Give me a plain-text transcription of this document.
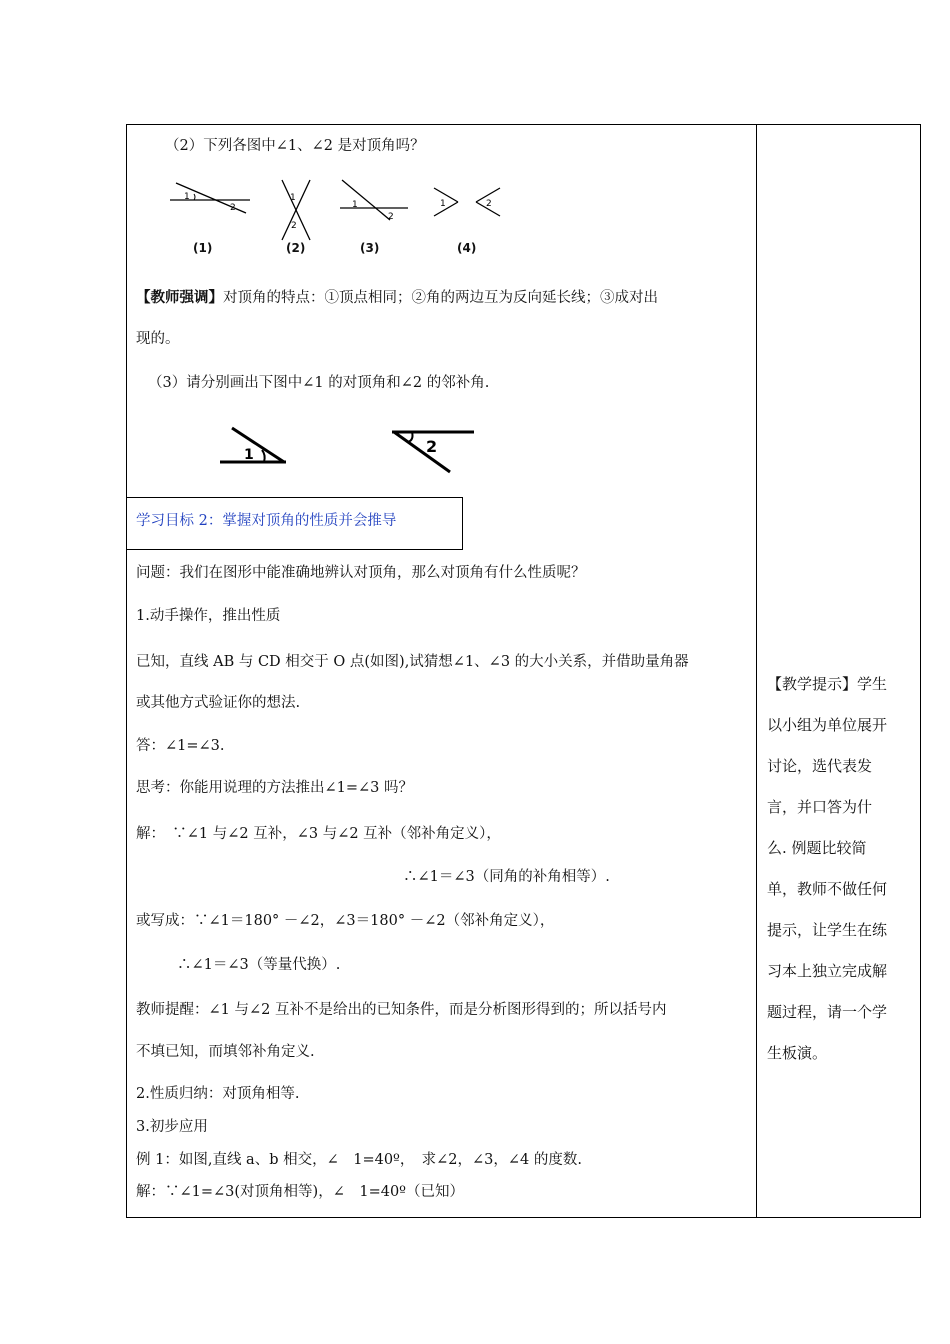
（2）下列各图中∠1、∠2 是对顶角吗？
1
2
(1)
1
2
(2)
1
2
(3)
1	2
(4)
【教师强调】对顶角的特点：①顶点相同；②角的两边互为反向延长线；③成对出
现的。
（3）请分别画出下图中∠1 的对顶角和∠2 的邻补角.
1	2
学习目标 2：掌握对顶角的性质并会推导
问题：我们在图形中能准确地辨认对顶角，那么对顶角有什么性质呢？
1.动手操作，推出性质
已知，直线 AB 与 CD 相交于 O 点(如图),试猜想∠1、∠3 的大小关系，并借助量角器
或其他方式验证你的想法.
答：∠1=∠3.
思考：你能用说理的方法推出∠1=∠3 吗？
解：　∵∠1 与∠2 互补，∠3 与∠2 互补（邻补角定义），
∴∠1＝∠3（同角的补角相等）.
或写成：∵∠1＝180° －∠2，∠3＝180° －∠2（邻补角定义），
∴∠1＝∠3（等量代换）.
教师提醒：∠1 与∠2 互补不是给出的已知条件，而是分析图形得到的；所以括号内
不填已知，而填邻补角定义.
2.性质归纳：对顶角相等.
3.初步应用
例 1：如图,直线 a、b 相交，∠　1=40º，　求∠2，∠3，∠4 的度数.
解：∵∠1=∠3(对顶角相等)，∠　1=40º（已知）
【教学提示】学生
以小组为单位展开
讨论，选代表发
言，并口答为什
么. 例题比较简
单，教师不做任何
提示，让学生在练
习本上独立完成解
题过程，请一个学
生板演。
